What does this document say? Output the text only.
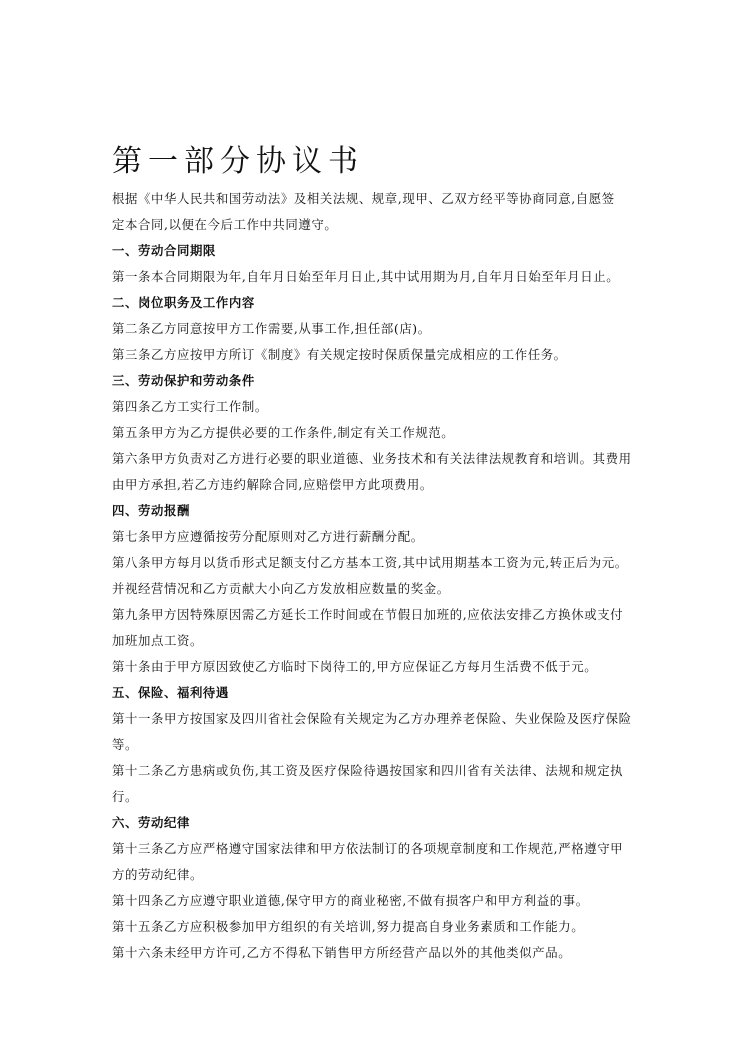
第一部分协议书
根据《中华人民共和国劳动法》及相关法规、规章,现甲、乙双方经平等协商同意,自愿签
定本合同,以便在今后工作中共同遵守。
一、劳动合同期限
第一条本合同期限为年,自年月日始至年月日止,其中试用期为月,自年月日始至年月日止。
二、岗位职务及工作内容
第二条乙方同意按甲方工作需要,从事工作,担任部(店)。
第三条乙方应按甲方所订《制度》有关规定按时保质保量完成相应的工作任务。
三、劳动保护和劳动条件
第四条乙方工实行工作制。
第五条甲方为乙方提供必要的工作条件,制定有关工作规范。
第六条甲方负责对乙方进行必要的职业道德、业务技术和有关法律法规教育和培训。其费用
由甲方承担,若乙方违约解除合同,应赔偿甲方此项费用。
四、劳动报酬
第七条甲方应遵循按劳分配原则对乙方进行薪酬分配。
第八条甲方每月以货币形式足额支付乙方基本工资,其中试用期基本工资为元,转正后为元。
并视经营情况和乙方贡献大小向乙方发放相应数量的奖金。
第九条甲方因特殊原因需乙方延长工作时间或在节假日加班的,应依法安排乙方换休或支付
加班加点工资。
第十条由于甲方原因致使乙方临时下岗待工的,甲方应保证乙方每月生活费不低于元。
五、保险、福利待遇
第十一条甲方按国家及四川省社会保险有关规定为乙方办理养老保险、失业保险及医疗保险
等。
第十二条乙方患病或负伤,其工资及医疗保险待遇按国家和四川省有关法律、法规和规定执
行。
六、劳动纪律
第十三条乙方应严格遵守国家法律和甲方依法制订的各项规章制度和工作规范,严格遵守甲
方的劳动纪律。
第十四条乙方应遵守职业道德,保守甲方的商业秘密,不做有损客户和甲方利益的事。
第十五条乙方应积极参加甲方组织的有关培训,努力提高自身业务素质和工作能力。
第十六条未经甲方许可,乙方不得私下销售甲方所经营产品以外的其他类似产品。
